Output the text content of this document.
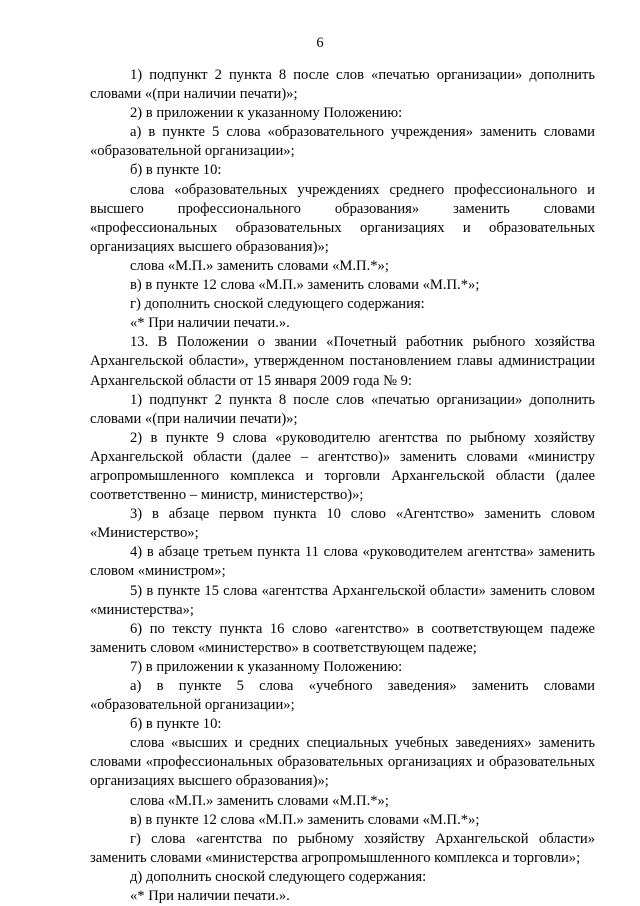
6

1) подпункт 2 пункта 8 после слов «печатью организации» дополнить словами «(при наличии печати)»;

2) в приложении к указанному Положению:

а) в пункте 5 слова «образовательного учреждения» заменить словами «образовательной организации»;

б) в пункте 10:

слова «образовательных учреждениях среднего профессионального и высшего профессионального образования» заменить словами «профессиональных образовательных организациях и образовательных организациях высшего образования)»;

слова «М.П.» заменить словами «М.П.*»;

в) в пункте 12 слова «М.П.» заменить словами «М.П.*»;

г) дополнить сноской следующего содержания:

«* При наличии печати.».

13. В Положении о звании «Почетный работник рыбного хозяйства Архангельской области», утвержденном постановлением главы администрации Архангельской области от 15 января 2009 года № 9:

1) подпункт 2 пункта 8 после слов «печатью организации» дополнить словами «(при наличии печати)»;

2) в пункте 9 слова «руководителю агентства по рыбному хозяйству Архангельской области (далее – агентство)» заменить словами «министру агропромышленного комплекса и торговли Архангельской области (далее соответственно – министр, министерство)»;

3) в абзаце первом пункта 10 слово «Агентство» заменить словом «Министерство»;

4) в абзаце третьем пункта 11 слова «руководителем агентства» заменить словом «министром»;

5) в пункте 15 слова «агентства Архангельской области» заменить словом «министерства»;

6) по тексту пункта 16 слово «агентство» в соответствующем падеже заменить словом «министерство» в соответствующем падеже;

7) в приложении к указанному Положению:

а) в пункте 5 слова «учебного заведения» заменить словами «образовательной организации»;

б) в пункте 10:

слова «высших и средних специальных учебных заведениях» заменить словами «профессиональных образовательных организациях и образовательных организациях высшего образования)»;

слова «М.П.» заменить словами «М.П.*»;

в) в пункте 12 слова «М.П.» заменить словами «М.П.*»;

г) слова «агентства по рыбному хозяйству Архангельской области» заменить словами «министерства агропромышленного комплекса и торговли»;

д) дополнить сноской следующего содержания:

«* При наличии печати.».
